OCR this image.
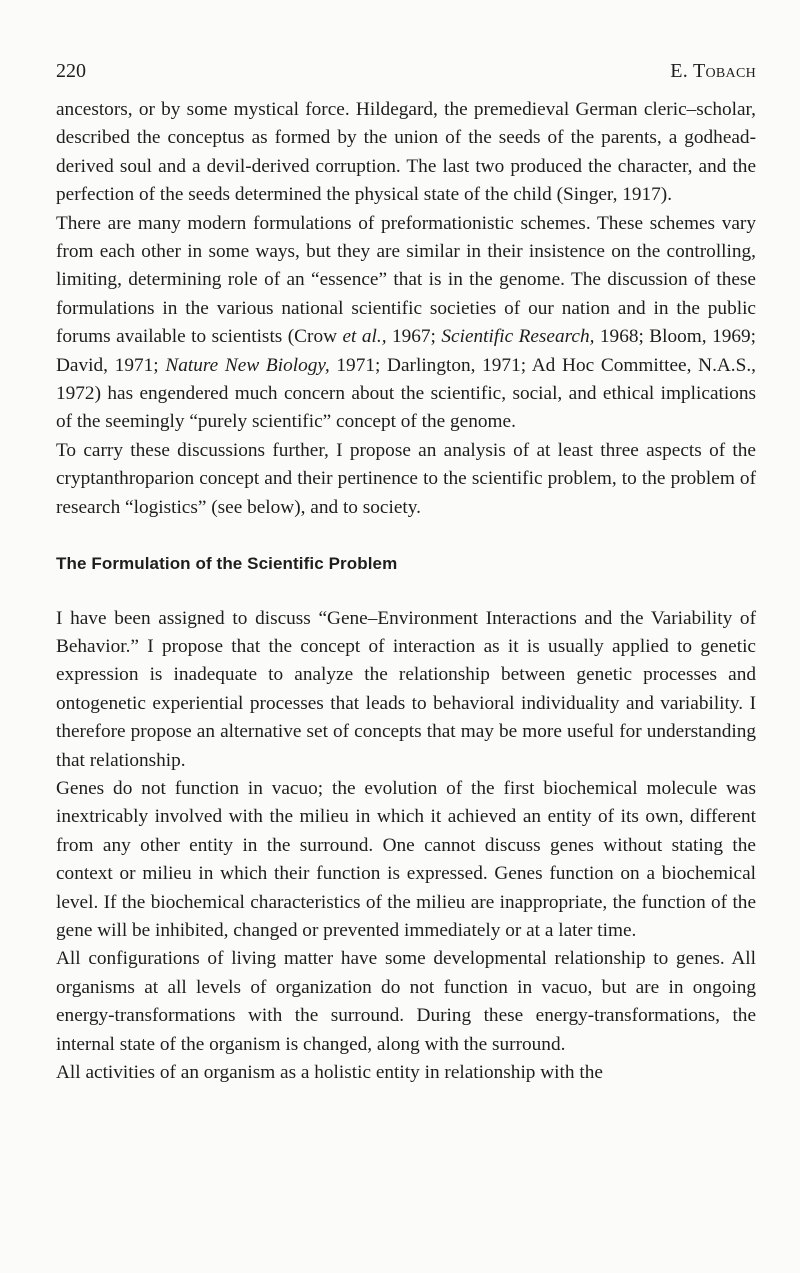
220	E. Tobach

ancestors, or by some mystical force. Hildegard, the premedieval German cleric–scholar, described the conceptus as formed by the union of the seeds of the parents, a godhead-derived soul and a devil-derived corruption. The last two produced the character, and the perfection of the seeds determined the physical state of the child (Singer, 1917).

There are many modern formulations of preformationistic schemes. These schemes vary from each other in some ways, but they are similar in their insistence on the controlling, limiting, determining role of an “essence” that is in the genome. The discussion of these formulations in the various national scientific societies of our nation and in the public forums available to scientists (Crow et al., 1967; Scientific Research, 1968; Bloom, 1969; David, 1971; Nature New Biology, 1971; Darlington, 1971; Ad Hoc Committee, N.A.S., 1972) has engendered much concern about the scientific, social, and ethical implications of the seemingly “purely scientific” concept of the genome.

To carry these discussions further, I propose an analysis of at least three aspects of the cryptanthroparion concept and their pertinence to the scientific problem, to the problem of research “logistics” (see below), and to society.

The Formulation of the Scientific Problem

I have been assigned to discuss “Gene–Environment Interactions and the Variability of Behavior.” I propose that the concept of interaction as it is usually applied to genetic expression is inadequate to analyze the relationship between genetic processes and ontogenetic experiential processes that leads to behavioral individuality and variability. I therefore propose an alternative set of concepts that may be more useful for understanding that relationship.

Genes do not function in vacuo; the evolution of the first biochemical molecule was inextricably involved with the milieu in which it achieved an entity of its own, different from any other entity in the surround. One cannot discuss genes without stating the context or milieu in which their function is expressed. Genes function on a biochemical level. If the biochemical characteristics of the milieu are inappropriate, the function of the gene will be inhibited, changed or prevented immediately or at a later time.

All configurations of living matter have some developmental relationship to genes. All organisms at all levels of organization do not function in vacuo, but are in ongoing energy-transformations with the surround. During these energy-transformations, the internal state of the organism is changed, along with the surround.

All activities of an organism as a holistic entity in relationship with the
